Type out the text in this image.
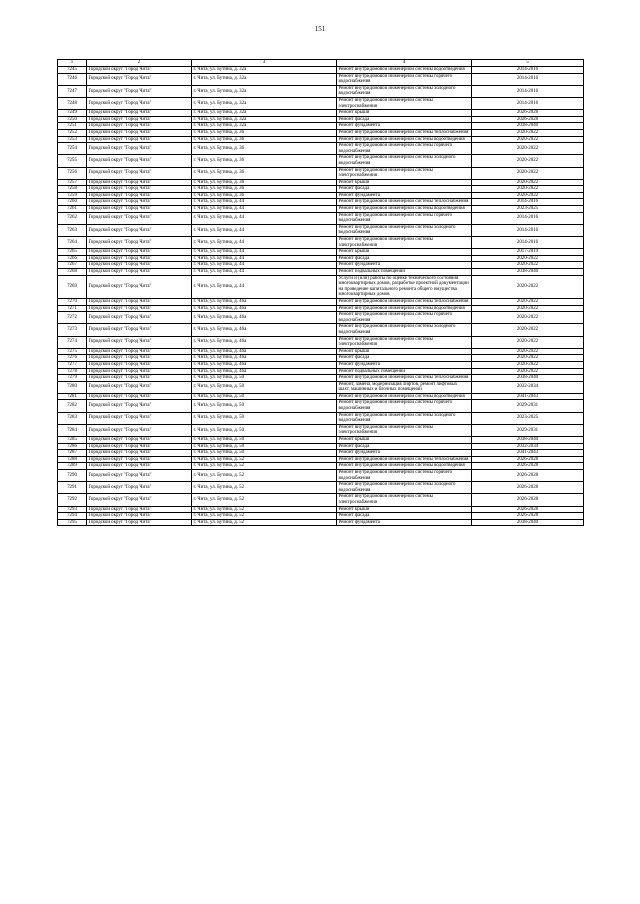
151
1	2	3	4	5
7245	Городской округ "Город Чита"	г. Чита, ул. Бутина, д. 32а	Ремонт внутридомовой инженерной системы водоотведения	2014-2016
7246	Городской округ "Город Чита"	г. Чита, ул. Бутина, д. 32а	Ремонт внутридомовой инженерной системы горячего водоснабжения	2014-2016
7247	Городской округ "Город Чита"	г. Чита, ул. Бутина, д. 32а	Ремонт внутридомовой инженерной системы холодного водоснабжения	2014-2016
7248	Городской округ "Город Чита"	г. Чита, ул. Бутина, д. 32а	Ремонт внутридомовой инженерной системы электроснабжения	2014-2016
7249	Городской округ "Город Чита"	г. Чита, ул. Бутина, д. 32а	Ремонт крыши	2026-2028
7250	Городской округ "Город Чита"	г. Чита, ул. Бутина, д. 32а	Ремонт фасада	2026-2028
7251	Городской округ "Город Чита"	г. Чита, ул. Бутина, д. 32а	Ремонт фундамента	2038-2040
7252	Городской округ "Город Чита"	г. Чита, ул. Бутина, д. 36	Ремонт внутридомовой инженерной системы теплоснабжения	2020-2022
7253	Городской округ "Город Чита"	г. Чита, ул. Бутина, д. 36	Ремонт внутридомовой инженерной системы водоотведения	2020-2022
7254	Городской округ "Город Чита"	г. Чита, ул. Бутина, д. 36	Ремонт внутридомовой инженерной системы горячего водоснабжения	2020-2022
7255	Городской округ "Город Чита"	г. Чита, ул. Бутина, д. 36	Ремонт внутридомовой инженерной системы холодного водоснабжения	2020-2022
7256	Городской округ "Город Чита"	г. Чита, ул. Бутина, д. 36	Ремонт внутридомовой инженерной системы электроснабжения	2020-2022
7257	Городской округ "Город Чита"	г. Чита, ул. Бутина, д. 36	Ремонт крыши	2020-2022
7258	Городской округ "Город Чита"	г. Чита, ул. Бутина, д. 36	Ремонт фасада	2020-2022
7259	Городской округ "Город Чита"	г. Чита, ул. Бутина, д. 36	Ремонт фундамента	2020-2022
7260	Городской округ "Город Чита"	г. Чита, ул. Бутина, д. 44	Ремонт внутридомовой инженерной системы теплоснабжения	2014-2016
7261	Городской округ "Город Чита"	г. Чита, ул. Бутина, д. 44	Ремонт внутридомовой инженерной системы водоотведения	2023-2025
7262	Городской округ "Город Чита"	г. Чита, ул. Бутина, д. 44	Ремонт внутридомовой инженерной системы горячего водоснабжения	2014-2016
7263	Городской округ "Город Чита"	г. Чита, ул. Бутина, д. 44	Ремонт внутридомовой инженерной системы холодного водоснабжения	2014-2016
7264	Городской округ "Город Чита"	г. Чита, ул. Бутина, д. 44	Ремонт внутридомовой инженерной системы электроснабжения	2014-2016
7265	Городской округ "Город Чита"	г. Чита, ул. Бутина, д. 44	Ремонт крыши	2017-2019
7266	Городской округ "Город Чита"	г. Чита, ул. Бутина, д. 44	Ремонт фасада	2020-2022
7267	Городской округ "Город Чита"	г. Чита, ул. Бутина, д. 44	Ремонт фундамента	2020-2022
7268	Городской округ "Город Чита"	г. Чита, ул. Бутина, д. 44	Ремонт подвальных помещений	2038-2040
7269	Городской округ "Город Чита"	г. Чита, ул. Бутина, д. 44	Услуги и (или) работы по оценке технического состояния многоквартирных домов, разработке проектной документации на проведение капитального ремонта общего имущества многоквартирных домов	2020-2022
7270	Городской округ "Город Чита"	г. Чита, ул. Бутина, д. 46а	Ремонт внутридомовой инженерной системы теплоснабжения	2020-2022
7271	Городской округ "Город Чита"	г. Чита, ул. Бутина, д. 46а	Ремонт внутридомовой инженерной системы водоотведения	2020-2022
7272	Городской округ "Город Чита"	г. Чита, ул. Бутина, д. 46а	Ремонт внутридомовой инженерной системы горячего водоснабжения	2020-2022
7273	Городской округ "Город Чита"	г. Чита, ул. Бутина, д. 46а	Ремонт внутридомовой инженерной системы холодного водоснабжения	2020-2022
7274	Городской округ "Город Чита"	г. Чита, ул. Бутина, д. 46а	Ремонт внутридомовой инженерной системы электроснабжения	2020-2022
7275	Городской округ "Город Чита"	г. Чита, ул. Бутина, д. 46а	Ремонт крыши	2020-2022
7276	Городской округ "Город Чита"	г. Чита, ул. Бутина, д. 46а	Ремонт фасада	2020-2022
7277	Городской округ "Город Чита"	г. Чита, ул. Бутина, д. 46а	Ремонт фундамента	2020-2022
7278	Городской округ "Город Чита"	г. Чита, ул. Бутина, д. 46а	Ремонт подвальных помещений	2020-2022
7279	Городской округ "Город Чита"	г. Чита, ул. Бутина, д. 50	Ремонт внутридомовой инженерной системы теплоснабжения	2038-2040
7280	Городской округ "Город Чита"	г. Чита, ул. Бутина, д. 50	Ремонт, замена, модернизация лифтов, ремонт лифтовых шахт, машинных и блочных помещений	2032-2034
7281	Городской округ "Город Чита"	г. Чита, ул. Бутина, д. 50	Ремонт внутридомовой инженерной системы водоотведения	2041-2043
7282	Городской округ "Город Чита"	г. Чита, ул. Бутина, д. 50	Ремонт внутридомовой инженерной системы горячего водоснабжения	2029-2031
7283	Городской округ "Город Чита"	г. Чита, ул. Бутина, д. 50	Ремонт внутридомовой инженерной системы холодного водоснабжения	2023-2025
7284	Городской округ "Город Чита"	г. Чита, ул. Бутина, д. 50	Ремонт внутридомовой инженерной системы электроснабжения	2029-2031
7285	Городской округ "Город Чита"	г. Чита, ул. Бутина, д. 50	Ремонт крыши	2038-2040
7286	Городской округ "Город Чита"	г. Чита, ул. Бутина, д. 50	Ремонт фасада	2032-2034
7287	Городской округ "Город Чита"	г. Чита, ул. Бутина, д. 50	Ремонт фундамента	2041-2043
7288	Городской округ "Город Чита"	г. Чита, ул. Бутина, д. 52	Ремонт внутридомовой инженерной системы теплоснабжения	2026-2028
7289	Городской округ "Город Чита"	г. Чита, ул. Бутина, д. 52	Ремонт внутридомовой инженерной системы водоотведения	2026-2028
7290	Городской округ "Город Чита"	г. Чита, ул. Бутина, д. 52	Ремонт внутридомовой инженерной системы горячего водоснабжения	2026-2028
7291	Городской округ "Город Чита"	г. Чита, ул. Бутина, д. 52	Ремонт внутридомовой инженерной системы холодного водоснабжения	2026-2028
7292	Городской округ "Город Чита"	г. Чита, ул. Бутина, д. 52	Ремонт внутридомовой инженерной системы электроснабжения	2026-2028
7293	Городской округ "Город Чита"	г. Чита, ул. Бутина, д. 52	Ремонт крыши	2026-2028
7294	Городской округ "Город Чита"	г. Чита, ул. Бутина, д. 52	Ремонт фасада	2026-2028
7295	Городской округ "Город Чита"	г. Чита, ул. Бутина, д. 52	Ремонт фундамента	2038-2040
